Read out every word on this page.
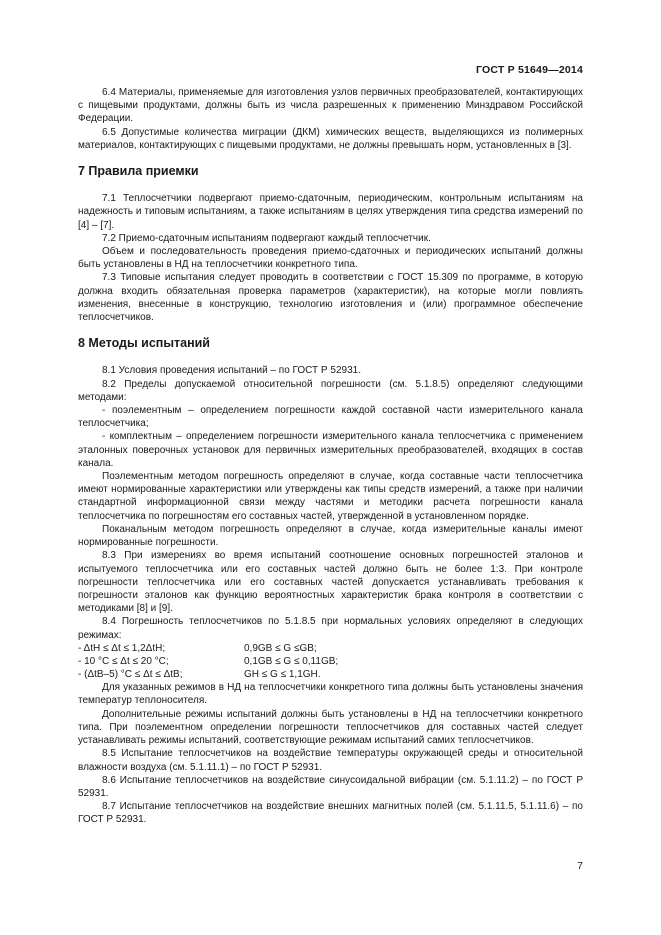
ГОСТ Р 51649—2014

6.4 Материалы, применяемые для изготовления узлов первичных преобразователей, контактирующих с пищевыми продуктами, должны быть из числа разрешенных к применению Минздравом Российской Федерации.

6.5 Допустимые количества миграции (ДКМ) химических веществ, выделяющихся из полимерных материалов, контактирующих с пищевыми продуктами, не должны превышать норм, установленных в [3].

7 Правила приемки

7.1 Теплосчетчики подвергают приемо-сдаточным, периодическим, контрольным испытаниям на надежность и типовым испытаниям, а также испытаниям в целях утверждения типа средства измерений по [4] – [7].

7.2 Приемо-сдаточным испытаниям подвергают каждый теплосчетчик.

Объем и последовательность проведения приемо-сдаточных и периодических испытаний должны быть установлены в НД на теплосчетчики конкретного типа.

7.3 Типовые испытания следует проводить в соответствии с ГОСТ 15.309 по программе, в которую должна входить обязательная проверка параметров (характеристик), на которые могли повлиять изменения, внесенные в конструкцию, технологию изготовления и (или) программное обеспечение теплосчетчиков.

8 Методы испытаний

8.1 Условия проведения испытаний – по ГОСТ Р 52931.

8.2 Пределы допускаемой относительной погрешности (см. 5.1.8.5) определяют следующими методами:

- поэлементным – определением погрешности каждой составной части измерительного канала теплосчетчика;

- комплектным – определением погрешности измерительного канала теплосчетчика с применением эталонных поверочных установок для первичных измерительных преобразователей, входящих в состав канала.

Поэлементным методом погрешность определяют в случае, когда составные части теплосчетчика имеют нормированные характеристики или утверждены как типы средств измерений, а также при наличии стандартной информационной связи между частями и методики расчета погрешности канала теплосчетчика по погрешностям его составных частей, утвержденной в установленном порядке.

Поканальным методом погрешность определяют в случае, когда измерительные каналы имеют нормированные погрешности.

8.3 При измерениях во время испытаний соотношение основных погрешностей эталонов и испытуемого теплосчетчика или его составных частей должно быть не более 1:3. При контроле погрешности теплосчетчика или его составных частей допускается устанавливать требования к погрешности эталонов как функцию вероятностных характеристик брака контроля в соответствии с методиками [8] и [9].

8.4 Погрешность теплосчетчиков по 5.1.8.5 при нормальных условиях определяют в следующих режимах:

- ΔtH ≤ Δt ≤ 1,2ΔtH;	0,9GВ ≤ G ≤GВ;
- 10 °С ≤ Δt ≤ 20 °С;	0,1GВ ≤ G ≤ 0,11GВ;
- (ΔtВ–5) °С ≤ Δt ≤ ΔtВ;	GН ≤ G ≤ 1,1GН.

Для указанных режимов в НД на теплосчетчики конкретного типа должны быть установлены значения температур теплоносителя.

Дополнительные режимы испытаний должны быть установлены в НД на теплосчетчики конкретного типа. При поэлементном определении погрешности теплосчетчиков для составных частей следует устанавливать режимы испытаний, соответствующие режимам испытаний самих теплосчетчиков.

8.5 Испытание теплосчетчиков на воздействие температуры окружающей среды и относительной влажности воздуха (см. 5.1.11.1) – по ГОСТ Р 52931.

8.6 Испытание теплосчетчиков на воздействие синусоидальной вибрации (см. 5.1.11.2) – по ГОСТ Р 52931.

8.7 Испытание теплосчетчиков на воздействие внешних магнитных полей (см. 5.1.11.5, 5.1.11.6) – по ГОСТ Р 52931.

7
